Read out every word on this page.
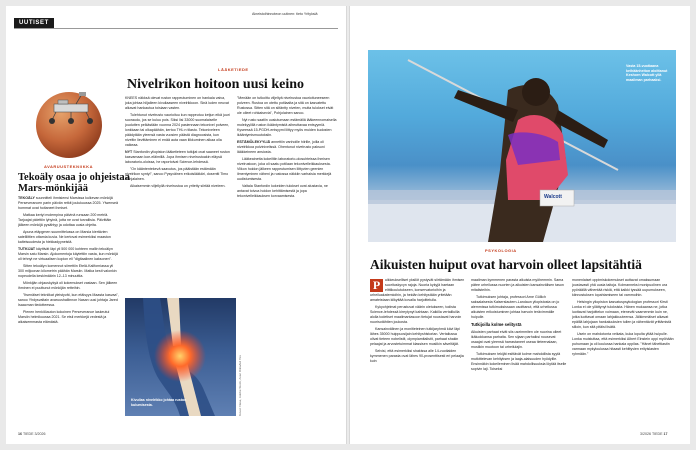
UUTISET
Aineistoihinnoteon uutinen: tieto Yrityksiä
AVARUUSTEKNIIKKA
Tekoäly osaa jo ohjeistaa
Mars-mönkijää

TEKOÄLY suunnitteli ihmisiensi Marsissa kulkevan mönkijä Perseverancen parin päivän retkit joulukuussa 2025. Ylwenseä hommat ovat hoitaneet ihmiset.

Matkaa kertyi molempina päivinä runsaan 200 metriä. Tarjoajat pidettiin lyhyinä, jotta ne ovat turvallisia. Päivittäin jälkeen mönkijä pysähtyy ja odottaa uusia ohjeita.

Apuna etäpgmen suunnittelussa on Marsia kiertävien satelliittien ottamia kuvia. Ne kertovat esimerkiksi maaston kalteisuudesta ja hiekkadyyneistä.

TUTKIJAT käyttivät läpi yli 500 000 kohteen mallin tekoälyn Marsin satu Marsin. Ajokomentoja käytettiin vasta, kun mönkijä oli tehnyt ne virtuaalisen kopion eli "digitaalinen kaksonen".

Sitten tekoälyn komennot siirrettiin Etelä-Kaliforniassa yli 300 miljoonan kilometrin päähän Marsiin. Matka kesti valonkin nopeudella keskimäärin 12–13 minuuttia.

Mönkijän ohjauskykyä oli kokemukset vastaan. Sen jälkeen ihminen ei puuttunut mönkijän retteihin.

"Itsenäiset tekniikat yleistyvät, kun etäisyys Maasta kasvaa", sanoo Yhdysvaltain avaruushallinnon Nasan uusi johtaja Jared Isaacman tiedotteessa.

Pienen henkilöauton kokoinen Perseverance laskeutui Marsiin helmikuussa 2021. Se etsii merkkejä vedestä ja aikaisemmasta elämästä.

LÄÄKETIEDE
Nivelrikon hoitoon uusi keino

KNEES näkksä olevat ruston rappeutuminen on hankala vaiva, joka johtaa hiljalleen kivuliaaseen nivelrikkoon. Sinä luden neuvat alkavat hankautua toisiaan vasten.

Tulehtunut nivelrusto vaurioituu kun rappeutuu ketjun eikä juuri suoraudu, jos se kuluu pois. Siksi lisi 33000 suomalaiselle joudutten pelkästään vuonna 2024 pasiennaan tekonivel polveen, lonkkaan tai olkapäähän, kertoo THL:n tilasto. Tekoniveleen päädytään yleensä vasta vuosien päästä diagnoosista, kun niveltin lievittäminen ei enää auta vaan liikkuminen alkaa olla vaikeaa.

NYT Stanfordin yliopiston lääketieteen tutkijat ovat saaneet ruston kasvamaan koe-eläimillä. Jopa ihmisen nivelrustoakin eläysä laboratorio-oloissa, he raportoivat Science-lehdessä.

"On kääntentekevä saavutus, jos pääistään estämään nivelrikon syntyi", sanoo Pysyväinen erikoislääkäri, dosentti Timo Pohjalainen.

Aikaisemmin viljellyllä nivelrustoa on yritetty siirtää niveleen.

"Menään on tutkoittu viljeltyä nivelrustoa vaurioituneeseen polveen. Rustoa on otettu potilaalta ja sitä on kasvatettu Rustossa. Sitten sitä on siitäntty nivelen, mutta tulokset eivät ole olleet rohkaisevia", Pohjolainen sanoo.

Nyt rusto saatiin uusiutumaan estämällä lääkeennomaisella molekyylillä ruston ikääntymistä aiheuttavaa entsyymiä. Kyseessä 15-PGDH-entsyymi liittyy myös muiden kudosten ikääntymismuutoksiin.

ESTÄMÖLEKYYLIÄ annettiin vanhoille hiirille, joilla oli nivelrikkoa polvinivelissä. Ohentunut nivelrusto paksuni lääkkeineen ansiosta.

Lääkeainetta kokeiltiin laboratorio-olosuhteissa ihmisen nivelrustoon, joka oli saatu potilaan tekonivelleikkauksesta. Viikon hoidon jälkeen rappeutumisen liittyvien geenien ilmentyminen väheni ja rustossa näkkiin varhaisia merkkejä uudistumisesta.

Valtala Stanfordin kokeiden tulokset ovat alustavia, ne antavat toivoa hoidon kehittämisestä ja jopa tekonivelleikkauksen korvaamisesta.

Kivulias nivelrikko johtaa ruston kulumisesta.	Kuvat: Nasa, Adobe Stock, Avan Dikia/Ed Yes
16 TIEDE 3/2026
Walcott
Vasta 15-vuotiaana keihäänheiton aloittanut Keshorn Walcott yllä maailman parhaaksi.
PSYKOLOGIA
Aikuisten huiput ovat harvoin olleet lapsitähtiä

P	uikkeukselliset yksilöt pystyvät siirtämään ihmisen suorituskyvyn rajoja. Nuoria kykyjä haetaan elittikoulutukseen, konservatorioihin ja urheiluakatemioihin, ja heidän kehitystään yritetään amateistaan kilkyttää kovalla harjoittelulla.

Kykyohjelmat perustuvat väärin oletukseen, todista Science-lehdessä kireytynyt kahtaan. Kaikilla vertailluilla alolla todetiset maailmantasoon tietujat noustavat harvoin nuorisotähtien joukosta.

Kansainvälinen ja monitieteinen tutkijaryhmä kävi läpi lähes 35000 huippuosijain kehityshistorian. Vertailussa olivat tieteen nobelistit, olympiamitalistit, parhaat shakin pelaajat ja arvostetuimmat klassisen musiikin säveltäjät.

Selvisi, että esimerkiksi shakissa alle 14-vuotiaiden kymmenen parasta ovat lähes 90-prosenttisesti eri pelaajia kuin

maailman kymmenen parasta aikuista myöhemmin. Sama pätee urheilussa nuorten ja aikuisten kansainvälisen tason mitalisteihin.

Tutkimuksen johtaja, professori Arne Güllich saksalaisesta Kaiserslautern-Landaun yliopistosta on jo aiemmissa tutkimuksissaan osoittanut, että urheilussa aikuisten erikoistuminen johtaa harvoin terävimmälle huipulle.

Tutkijoilla kolme selitystä

Aikuisten parhaat eivät siis useimmiten ole nuorina olleet ikäluokkansa parhaita. Sen sijaan parhaiksi nousevat osaajat ovat yleensä harrastaneet useaa tieteenalaan, musiikin muotoon tai urheilulajin.

Tutkimuksen tekijät esittävät kolme mahdollista syytä mutkittelevan kehityksen ja laaja-alaisuuden hyödyille. Ensinnäkin kokeileminen lisää mahdollisuuksia löytää itselle sopivin laji. Toiseksi

monenlaiset oppimiskokemukset auttavat omaksumaan joustavasti yhä uusia taitoja. Kolmanneksi monipuolinen ura pyöräällä vähentää riskiä, että kaikki tyssää uupumukseen, kiinnostuksen lopahtamiseen tai vammoihin.

Helsingin yliopiston kasvatuspsykologian professori Kirsti Lonka ei ole yllättynyt tuloksista. Hänen mukaansa ne, jotka luottavat harjoittelun voimaan, etenevät vaarnenmin kuin ne, jotka luottavat omaan lahjakkuuteensa. Jälkimmäiset alkavat epäillä lahjojaan hankaluuksien tullen ja vähentävät yrittämistä silloin, kun sitä pitäisi lisätä.

Usein on mahdotonta veikata, kuka lopulta yltää huipulle. Lonka muistuttaa, että esimerkiksi Albert Einstein oppi myöhään puhumaan ja oli koulussa hankala oppilas. "Hänet tähettiastin varmaan mykyloulussa hitaasti kehittyvien erityislasten ryhmään."

3/2026 TIEDE 17
